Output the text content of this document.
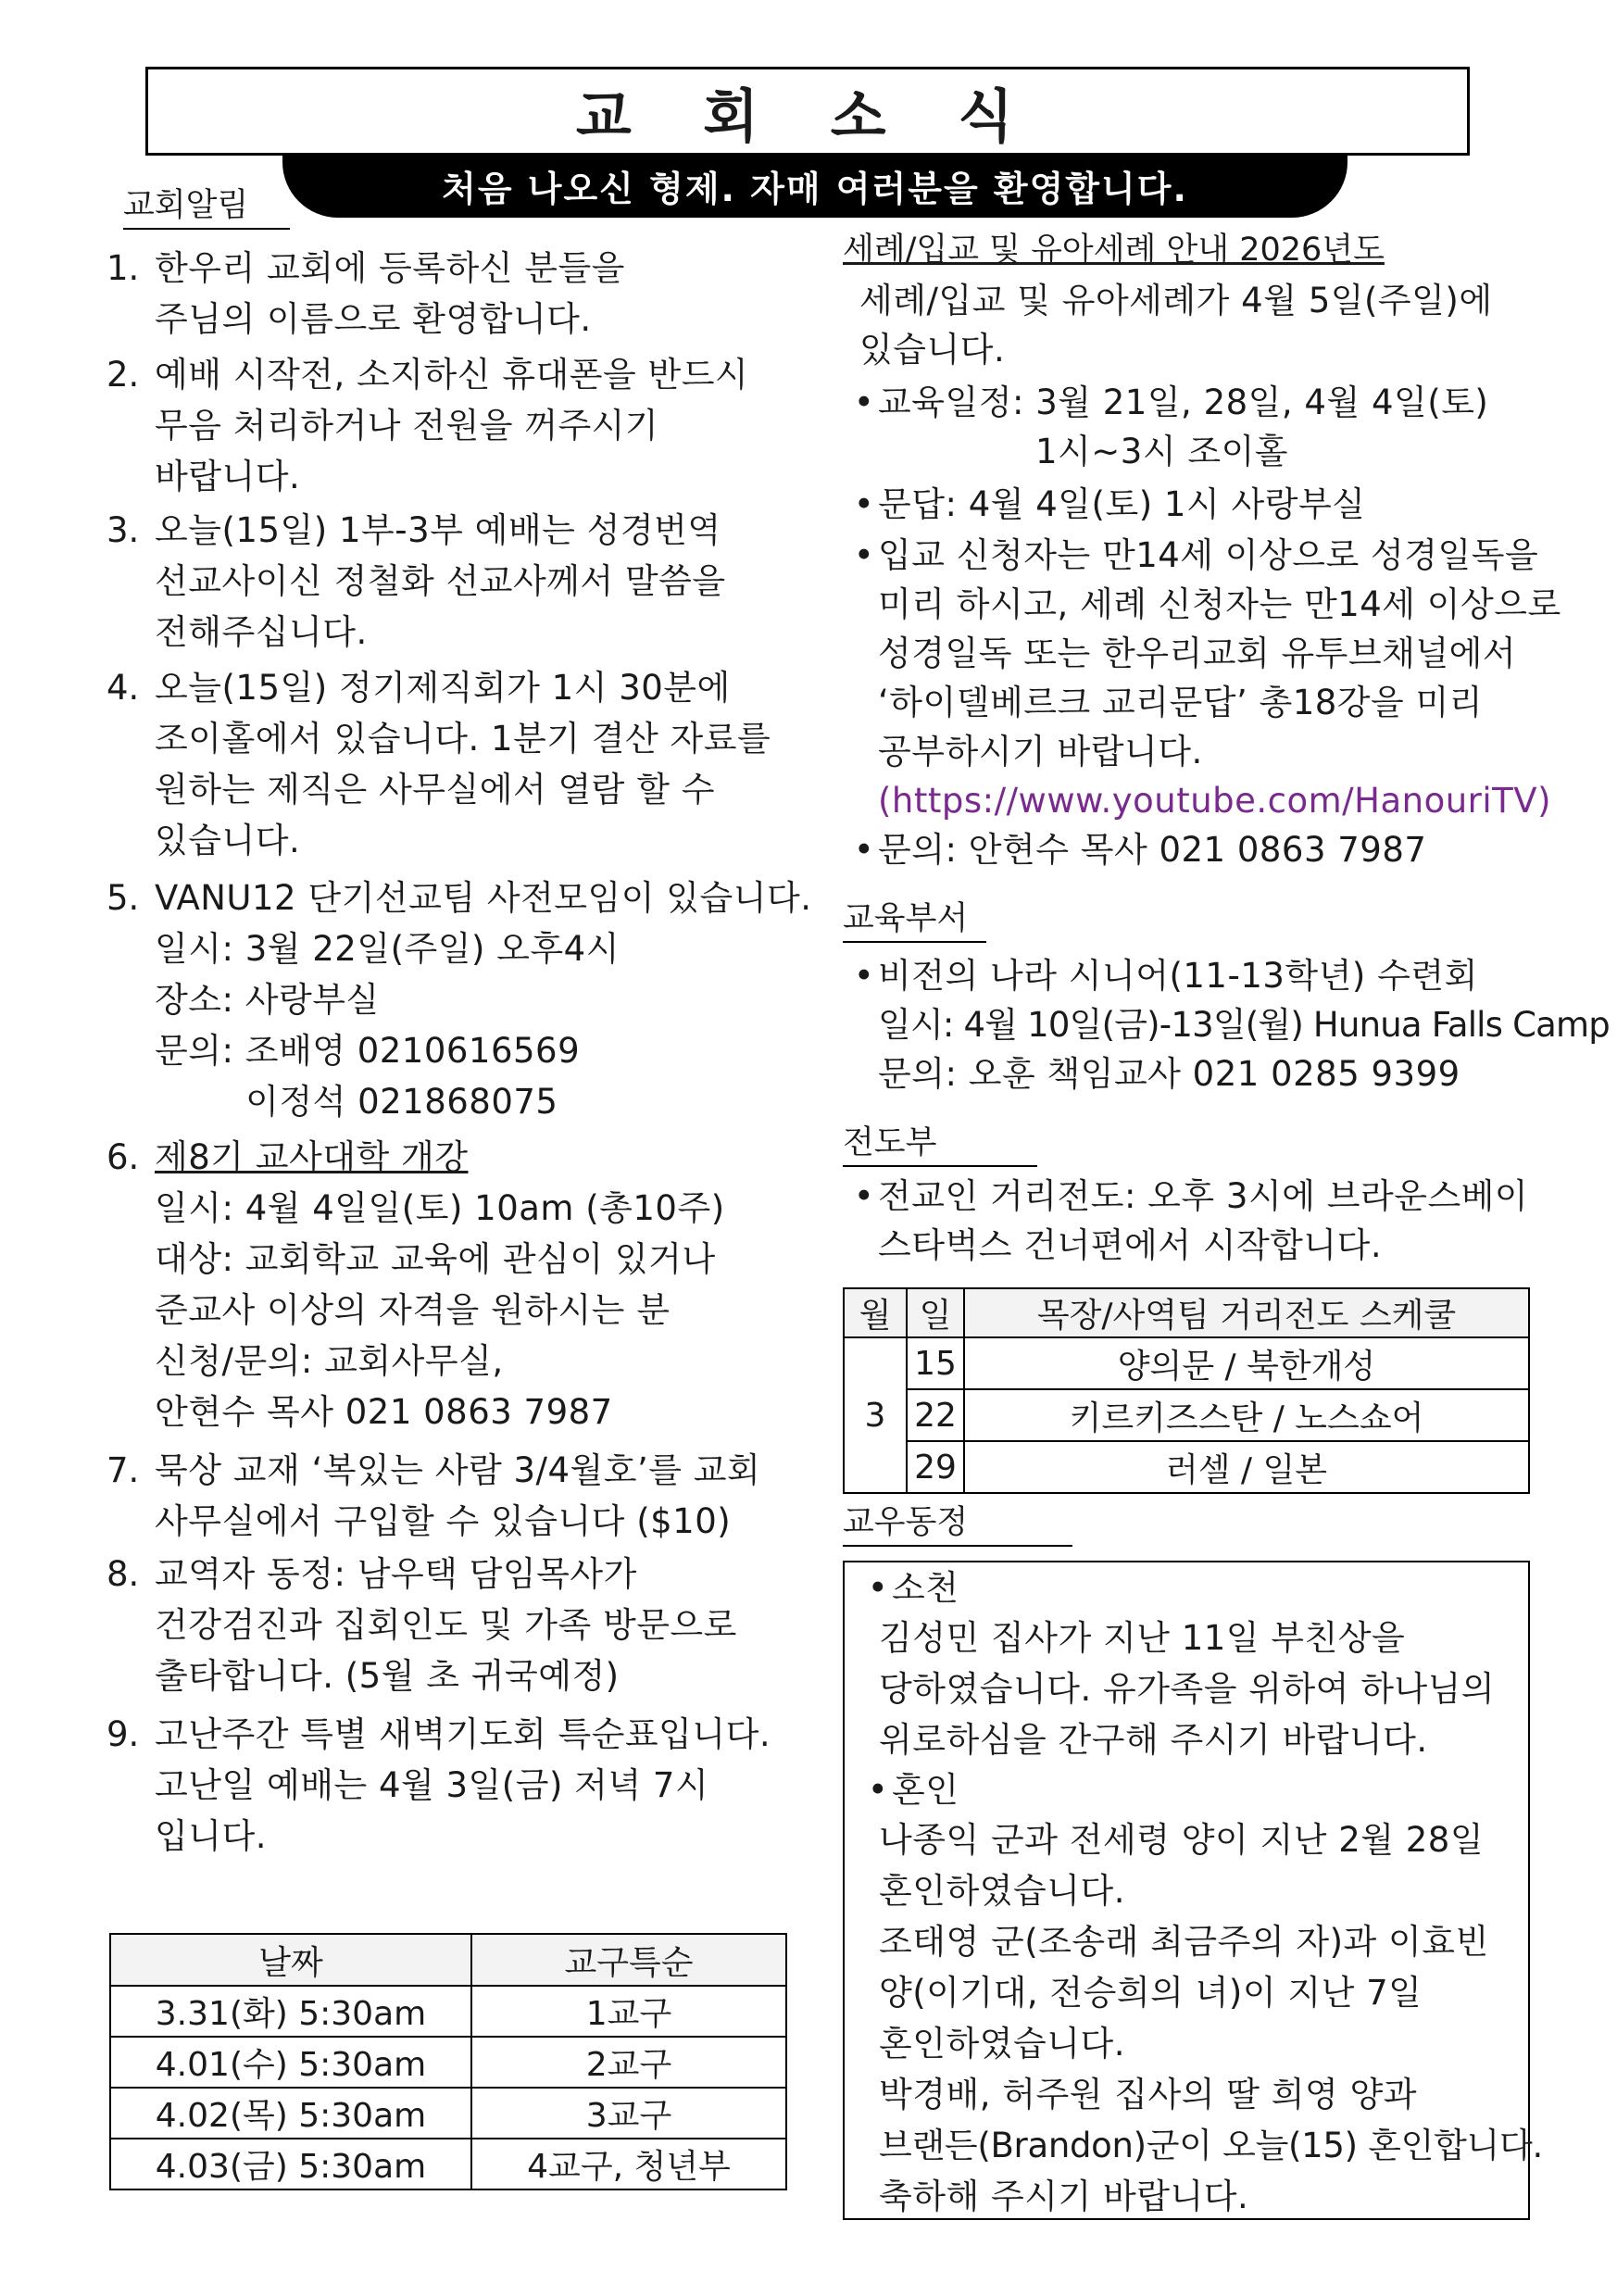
교 회 소 식
처음 나오신 형제. 자매 여러분을 환영합니다.
교회알림
1. 한우리 교회에 등록하신 분들을
주님의 이름으로 환영합니다.
2. 예배 시작전, 소지하신 휴대폰을 반드시
무음 처리하거나 전원을 꺼주시기
바랍니다.
3. 오늘(15일) 1부-3부 예배는 성경번역
선교사이신 정철화 선교사께서 말씀을
전해주십니다.
4. 오늘(15일) 정기제직회가 1시 30분에
조이홀에서 있습니다. 1분기 결산 자료를
원하는 제직은 사무실에서 열람 할 수
있습니다.
5. VANU12 단기선교팀 사전모임이 있습니다.
일시: 3월 22일(주일) 오후4시
장소: 사랑부실
문의: 조배영 0210616569
이정석 021868075
6. 제8기 교사대학 개강
일시: 4월 4일일(토) 10am (총10주)
대상: 교회학교 교육에 관심이 있거나
준교사 이상의 자격을 원하시는 분
신청/문의: 교회사무실,
안현수 목사 021 0863 7987
7. 묵상 교재 ‘복있는 사람 3/4월호’를 교회
사무실에서 구입할 수 있습니다 ($10)
8. 교역자 동정: 남우택 담임목사가
건강검진과 집회인도 및 가족 방문으로
출타합니다. (5월 초 귀국예정)
9. 고난주간 특별 새벽기도회 특순표입니다.
고난일 예배는 4월 3일(금) 저녁 7시
입니다.
날짜	교구특순
3.31(화) 5:30am	1교구
4.01(수) 5:30am	2교구
4.02(목) 5:30am	3교구
4.03(금) 5:30am	4교구, 청년부
세례/입교 및 유아세례 안내 2026년도
세례/입교 및 유아세례가 4월 5일(주일)에
있습니다.
• 교육일정: 3월 21일, 28일, 4월 4일(토)
1시~3시 조이홀
• 문답: 4월 4일(토) 1시 사랑부실
• 입교 신청자는 만14세 이상으로 성경일독을
미리 하시고, 세례 신청자는 만14세 이상으로
성경일독 또는 한우리교회 유투브채널에서
‘하이델베르크 교리문답’ 총18강을 미리
공부하시기 바랍니다.
(https://www.youtube.com/HanouriTV)
• 문의: 안현수 목사 021 0863 7987
교육부서
• 비전의 나라 시니어(11-13학년) 수련회
일시: 4월 10일(금)-13일(월) Hunua Falls Camp
문의: 오훈 책임교사 021 0285 9399
전도부
• 전교인 거리전도: 오후 3시에 브라운스베이
스타벅스 건너편에서 시작합니다.
월	일	목장/사역팀 거리전도 스케쿨
3	15	양의문 / 북한개성
	22	키르키즈스탄 / 노스쇼어
	29	러셀 / 일본
교우동정
• 소천
김성민 집사가 지난 11일 부친상을
당하였습니다. 유가족을 위하여 하나님의
위로하심을 간구해 주시기 바랍니다.
• 혼인
나종익 군과 전세령 양이 지난 2월 28일
혼인하였습니다.
조태영 군(조송래 최금주의 자)과 이효빈
양(이기대, 전승희의 녀)이 지난 7일
혼인하였습니다.
박경배, 허주원 집사의 딸 희영 양과
브랜든(Brandon)군이 오늘(15) 혼인합니다.
축하해 주시기 바랍니다.
